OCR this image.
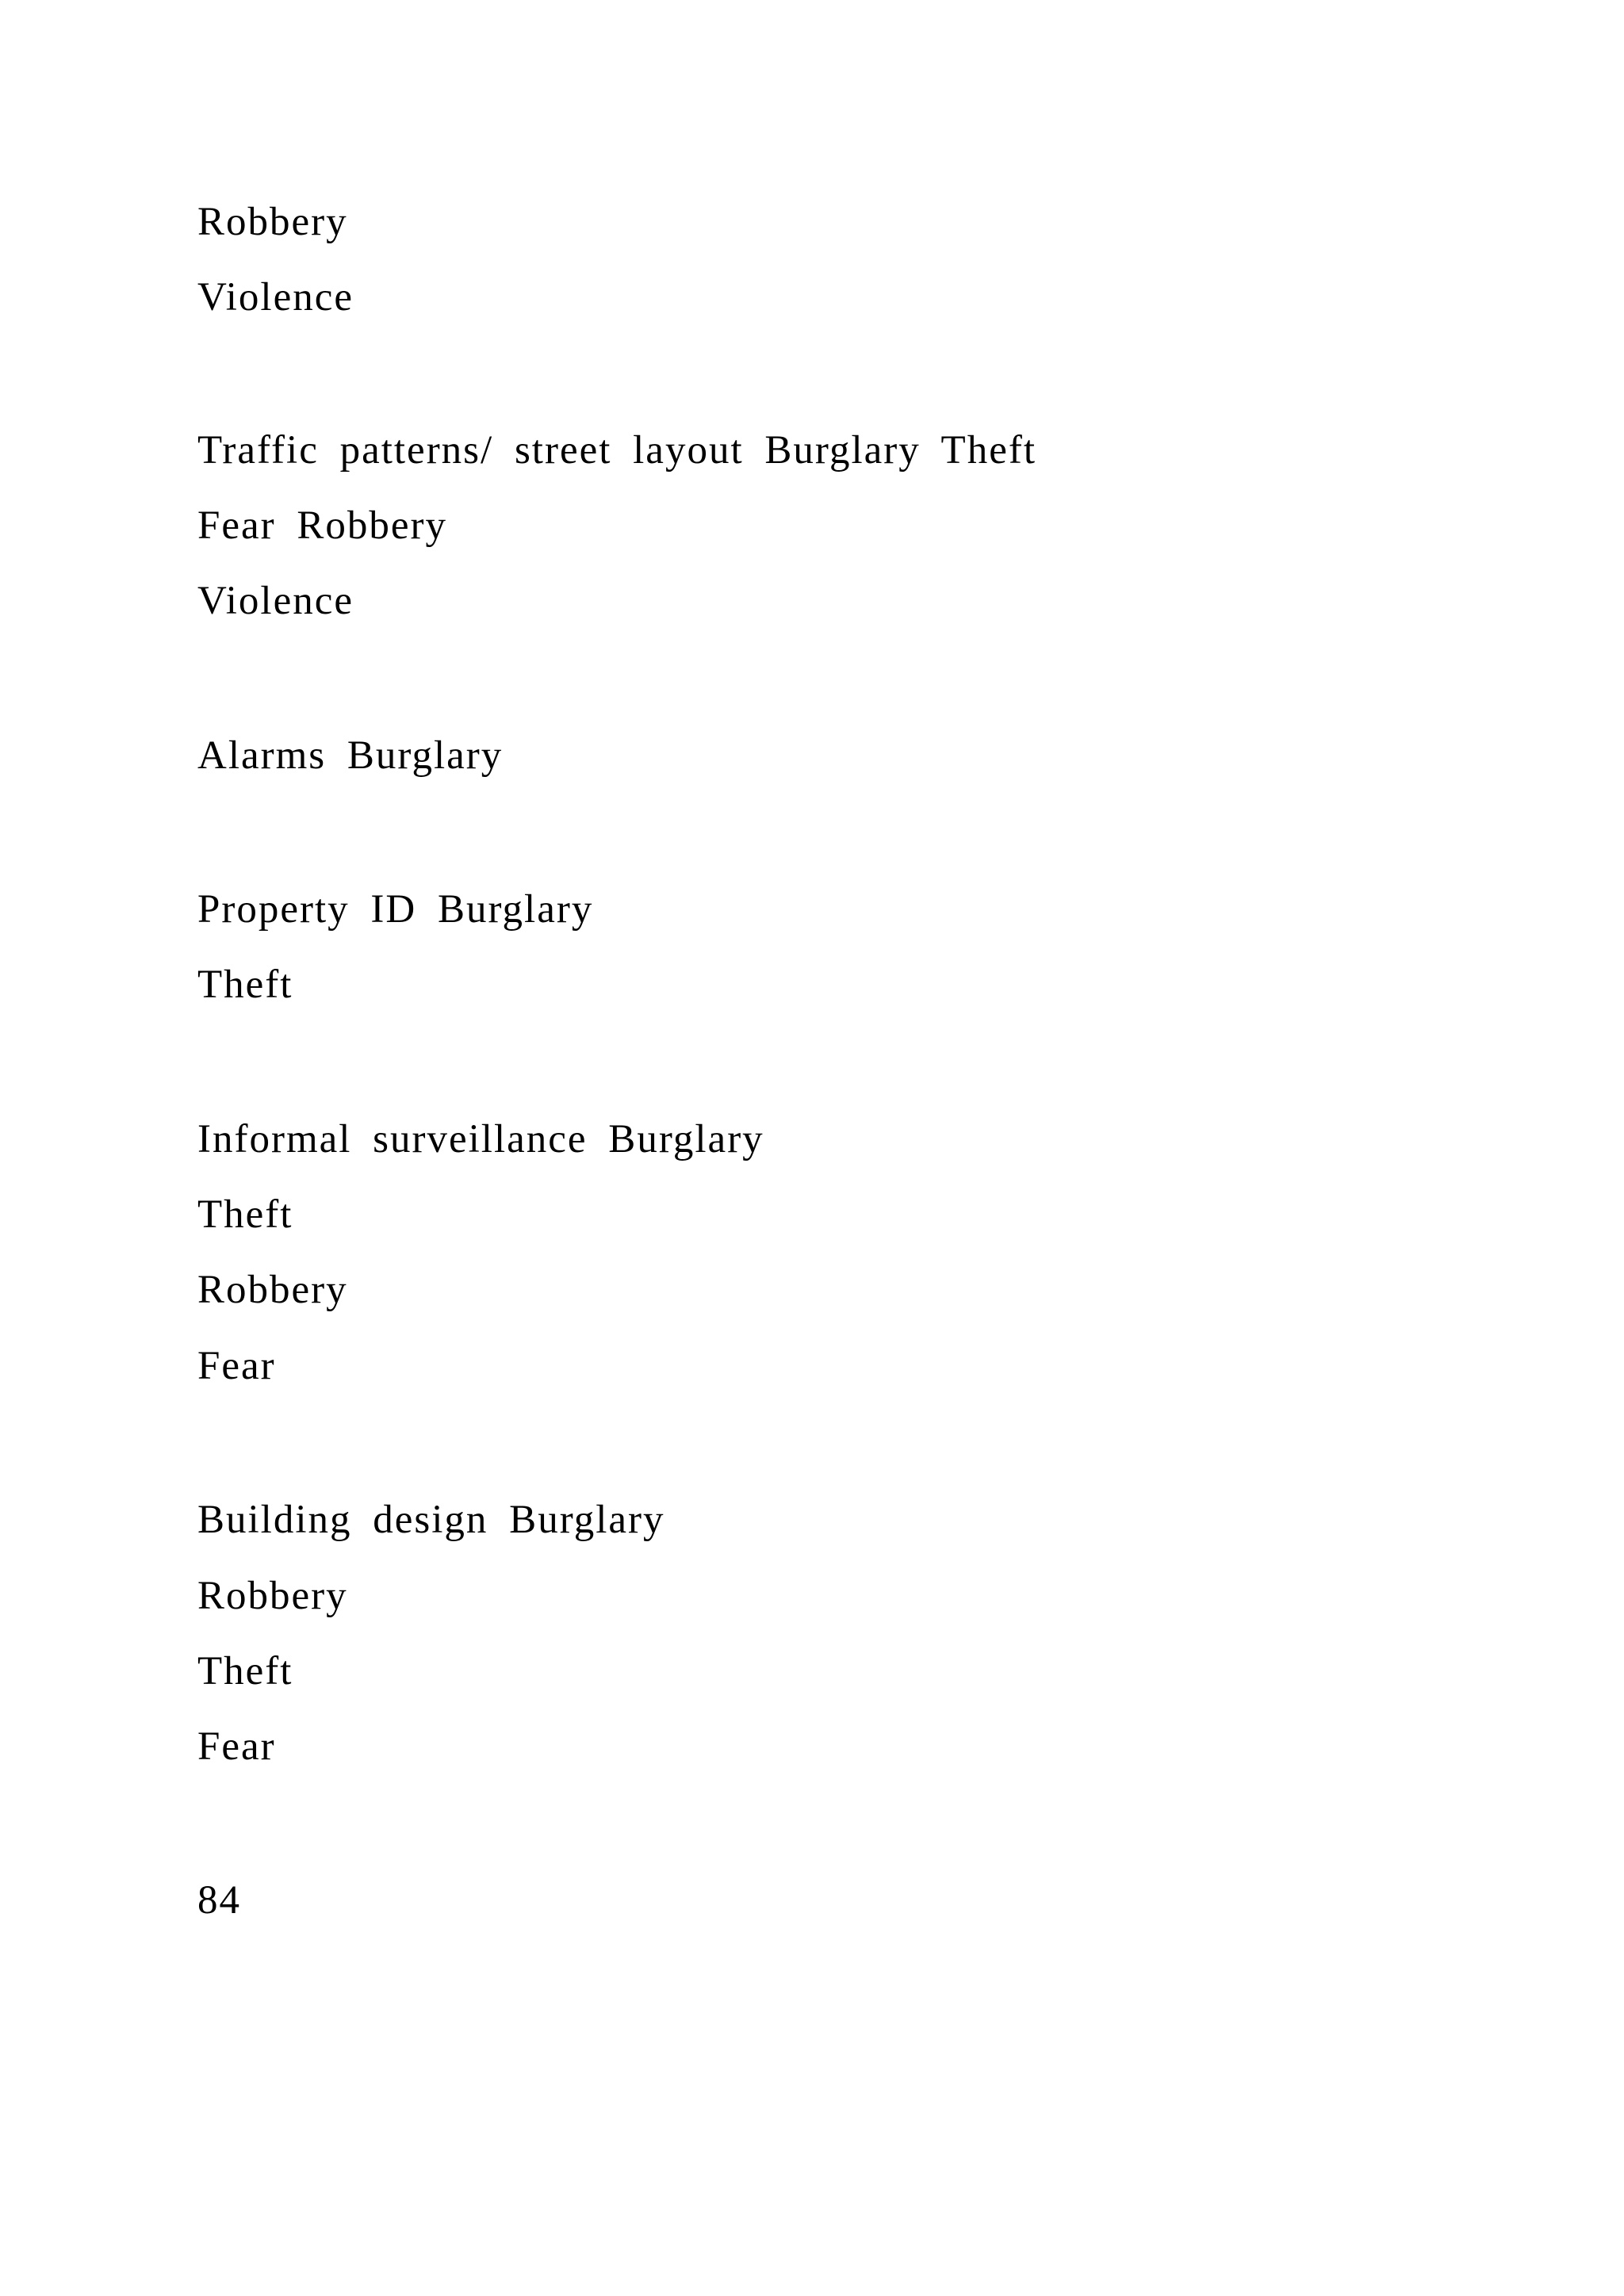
Robbery
Violence
Traffic patterns/ street layout Burglary Theft
Fear Robbery
Violence
Alarms Burglary
Property ID Burglary
Theft
Informal surveillance Burglary
Theft
Robbery
Fear
Building design Burglary
Robbery
Theft
Fear
84
